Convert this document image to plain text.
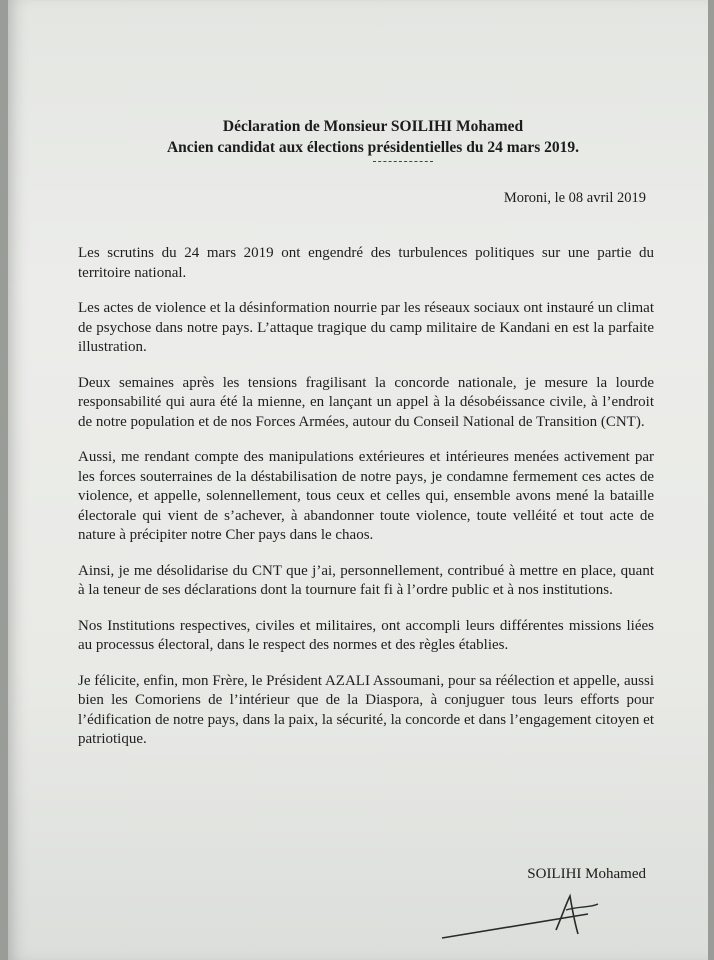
Déclaration de Monsieur SOILIHI Mohamed
Ancien candidat aux élections présidentielles du 24 mars 2019.
Moroni, le 08 avril 2019

Les scrutins du 24 mars 2019 ont engendré des turbulences politiques sur une partie du territoire national.

Les actes de violence et la désinformation nourrie par les réseaux sociaux ont instauré un climat de psychose dans notre pays. L’attaque tragique du camp militaire de Kandani en est la parfaite illustration.

Deux semaines après les tensions fragilisant la concorde nationale, je mesure la lourde responsabilité qui aura été la mienne, en lançant un appel à la désobéissance civile, à l’endroit de notre population et de nos Forces Armées, autour du Conseil National de Transition (CNT).

Aussi, me rendant compte des manipulations extérieures et intérieures menées activement par les forces souterraines de la déstabilisation de notre pays, je condamne fermement ces actes de violence, et appelle, solennellement, tous ceux et celles qui, ensemble avons mené la bataille électorale qui vient de s’achever, à abandonner toute violence, toute velléité et tout acte de nature à précipiter notre Cher pays dans le chaos.

Ainsi, je me désolidarise du CNT que j’ai, personnellement, contribué à mettre en place, quant à la teneur de ses déclarations dont la tournure fait fi à l’ordre public et à nos institutions.

Nos Institutions respectives, civiles et militaires, ont accompli leurs différentes missions liées au processus électoral, dans le respect des normes et des règles établies.

Je félicite, enfin, mon Frère, le Président AZALI Assoumani, pour sa réélection et appelle, aussi bien les Comoriens de l’intérieur que de la Diaspora, à conjuguer tous leurs efforts pour l’édification de notre pays, dans la paix, la sécurité, la concorde et dans l’engagement citoyen et patriotique.

SOILIHI Mohamed
